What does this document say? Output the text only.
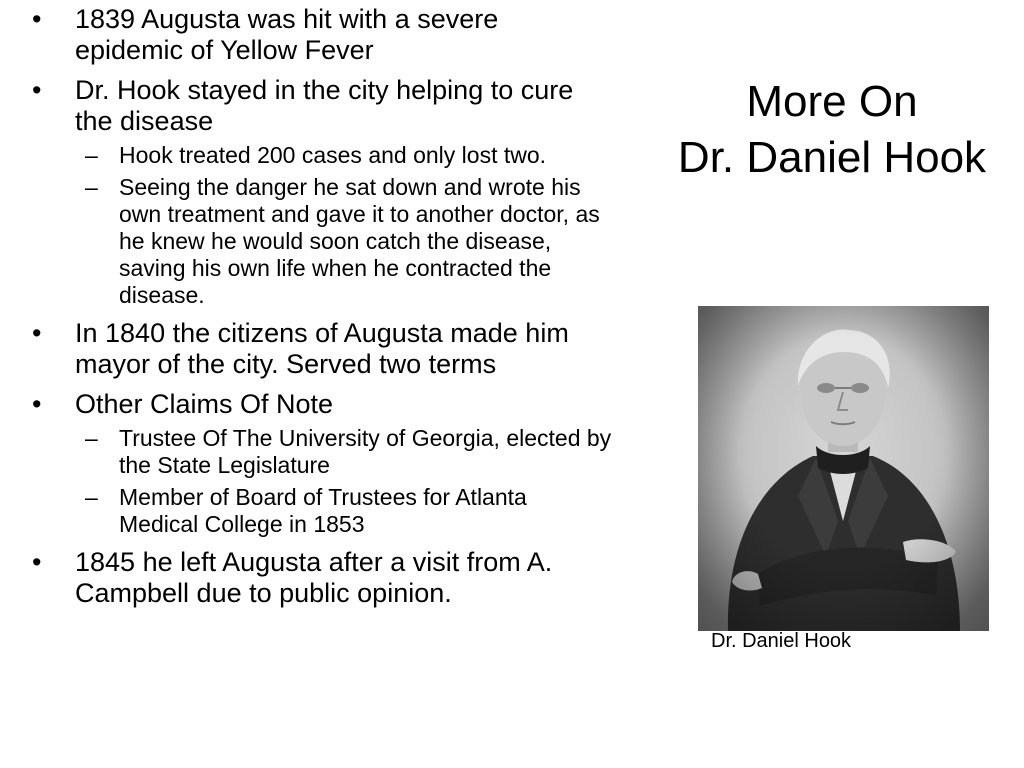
More On
Dr. Daniel Hook
•	1839 Augusta was hit with a severe epidemic of Yellow Fever
•	Dr. Hook stayed in the city helping to cure the disease
– Hook treated 200 cases and only lost two.
– Seeing the danger he sat down and wrote his own treatment and gave it to another doctor, as he knew he would soon catch the disease, saving his own life when he contracted the disease.
•	In 1840 the citizens of Augusta made him mayor of the city. Served two terms
•	Other Claims Of Note
– Trustee Of The University of Georgia, elected by the State Legislature
– Member of Board of Trustees for Atlanta Medical College in 1853
•	1845 he left Augusta after a visit from A. Campbell due to public opinion.
Dr. Daniel Hook
